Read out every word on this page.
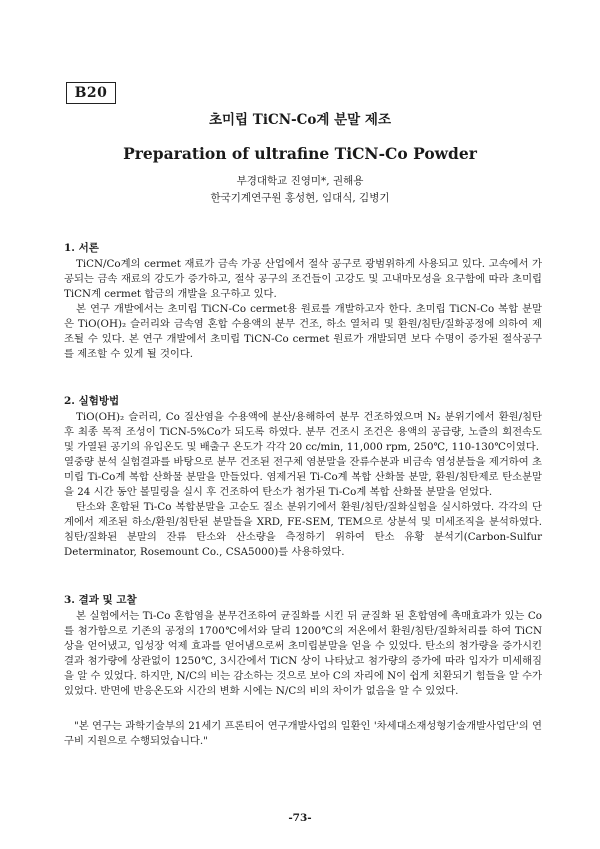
B20
초미립 TiCN-Co계 분말 제조
Preparation of ultrafine TiCN-Co Powder
부경대학교 진영미*, 권해용
한국기계연구원 홍성현, 임대식, 김병기
1. 서론

TiCN/Co계의 cermet 재료가 금속 가공 산업에서 절삭 공구로 광범위하게 사용되고 있다. 고속에서 가공되는 금속 재료의 강도가 증가하고, 절삭 공구의 조건들이 고강도 및 고내마모성을 요구함에 따라 초미립 TiCN계 cermet 합금의 개발을 요구하고 있다.

본 연구 개발에서는 초미립 TiCN-Co cermet용 원료를 개발하고자 한다. 초미립 TiCN-Co 복합 분말은 TiO(OH)₂ 슬러리와 금속염 혼합 수용액의 분무 건조, 하소 열처리 및 환원/침탄/질화공정에 의하여 제조될 수 있다. 본 연구 개발에서 초미립 TiCN-Co cermet 원료가 개발되면 보다 수명이 증가된 절삭공구를 제조할 수 있게 될 것이다.

2. 실험방법

TiO(OH)₂ 슬러리, Co 질산염을 수용액에 분산/용해하여 분무 건조하였으며 N₂ 분위기에서 환원/침탄 후 최종 목적 조성이 TiCN-5%Co가 되도록 하였다. 분무 건조시 조건은 용액의 공급량, 노즐의 회전속도 및 가열된 공기의 유입온도 및 배출구 온도가 각각 20 cc/min, 11,000 rpm, 250℃, 110-130℃이였다.

열중량 분석 실험결과를 바탕으로 분무 건조된 전구체 염분말을 잔류수분과 비금속 염성분들을 제거하여 초미립 Ti-Co계 복합 산화물 분말을 만들었다. 염제거된 Ti-Co계 복합 산화물 분말, 환원/침탄제로 탄소분말을 24 시간 동안 볼밀링을 실시 후 건조하여 탄소가 첨가된 Ti-Co계 복합 산화물 분말을 얻었다.

탄소와 혼합된 Ti-Co 복합분말을 고순도 질소 분위기에서 환원/침탄/질화실험을 실시하였다. 각각의 단계에서 제조된 하소/환원/침탄된 분말들을 XRD, FE-SEM, TEM으로 상분석 및 미세조직을 분석하였다. 침탄/질화된 분말의 잔류 탄소와 산소량을 측정하기 위하여 탄소 유황 분석기(Carbon-Sulfur Determinator, Rosemount Co., CSA5000)를 사용하였다.

3. 결과 및 고찰

본 실험에서는 Ti-Co 혼합염을 분무건조하여 균질화를 시킨 뒤 균질화 된 혼합염에 촉매효과가 있는 Co를 첨가함으로 기존의 공정의 1700℃에서와 달리 1200℃의 저온에서 환원/침탄/질화처리를 하여 TiCN 상을 얻어냈고, 입성장 억제 효과를 얻어냄으로써 초미립분말을 얻을 수 있었다. 탄소의 첨가량을 증가시킨 결과 첨가량에 상관없이 1250℃, 3시간에서 TiCN 상이 나타났고 첨가량의 증가에 따라 입자가 미세해짐을 알 수 있었다. 하지만, N/C의 비는 감소하는 것으로 보아 C의 자리에 N이 쉽게 치환되기 힘들을 알 수가 있었다. 반면에 반응온도와 시간의 변화 시에는 N/C의 비의 차이가 없음을 알 수 있었다.

"본 연구는 과학기술부의 21세기 프론티어 연구개발사업의 일환인 '차세대소재성형기술개발사업단'의 연구비 지원으로 수행되었습니다."
-73-
